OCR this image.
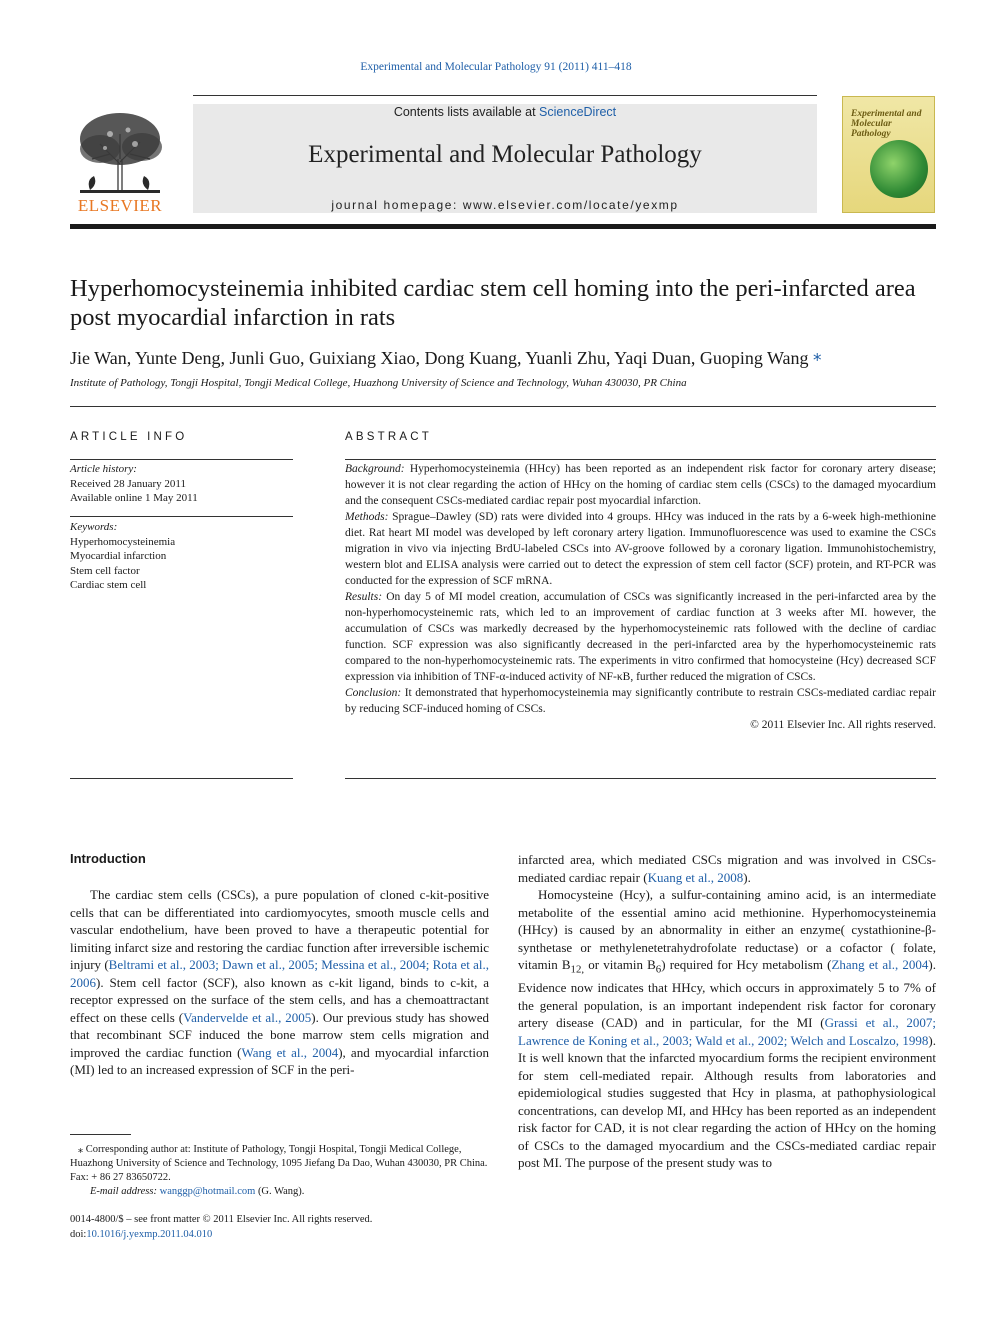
Experimental and Molecular Pathology 91 (2011) 411–418
ELSEVIER
Contents lists available at ScienceDirect
Experimental and Molecular Pathology
journal homepage: www.elsevier.com/locate/yexmp
Experimental and Molecular Pathology
Hyperhomocysteinemia inhibited cardiac stem cell homing into the peri-infarcted area post myocardial infarction in rats
Jie Wan, Yunte Deng, Junli Guo, Guixiang Xiao, Dong Kuang, Yuanli Zhu, Yaqi Duan, Guoping Wang ⁎
Institute of Pathology, Tongji Hospital, Tongji Medical College, Huazhong University of Science and Technology, Wuhan 430030, PR China
ARTICLE INFO
Article history:
Received 28 January 2011
Available online 1 May 2011
Keywords:
Hyperhomocysteinemia
Myocardial infarction
Stem cell factor
Cardiac stem cell
ABSTRACT

Background: Hyperhomocysteinemia (HHcy) has been reported as an independent risk factor for coronary artery disease; however it is not clear regarding the action of HHcy on the homing of cardiac stem cells (CSCs) to the damaged myocardium and the consequent CSCs-mediated cardiac repair post myocardial infarction.

Methods: Sprague–Dawley (SD) rats were divided into 4 groups. HHcy was induced in the rats by a 6-week high-methionine diet. Rat heart MI model was developed by left coronary artery ligation. Immunofluorescence was used to examine the CSCs migration in vivo via injecting BrdU-labeled CSCs into AV-groove followed by a coronary ligation. Immunohistochemistry, western blot and ELISA analysis were carried out to detect the expression of stem cell factor (SCF) protein, and RT-PCR was conducted for the expression of SCF mRNA.

Results: On day 5 of MI model creation, accumulation of CSCs was significantly increased in the peri-infarcted area by the non-hyperhomocysteinemic rats, which led to an improvement of cardiac function at 3 weeks after MI. however, the accumulation of CSCs was markedly decreased by the hyperhomocysteinemic rats followed with the decline of cardiac function. SCF expression was also significantly decreased in the peri-infarcted area by the hyperhomocysteinemic rats compared to the non-hyperhomocysteinemic rats. The experiments in vitro confirmed that homocysteine (Hcy) decreased SCF expression via inhibition of TNF-α-induced activity of NF-κB, further reduced the migration of CSCs.

Conclusion: It demonstrated that hyperhomocysteinemia may significantly contribute to restrain CSCs-mediated cardiac repair by reducing SCF-induced homing of CSCs.

© 2011 Elsevier Inc. All rights reserved.

Introduction

The cardiac stem cells (CSCs), a pure population of cloned c-kit-positive cells that can be differentiated into cardiomyocytes, smooth muscle cells and vascular endothelium, have been proved to have a therapeutic potential for limiting infarct size and restoring the cardiac function after irreversible ischemic injury (Beltrami et al., 2003; Dawn et al., 2005; Messina et al., 2004; Rota et al., 2006). Stem cell factor (SCF), also known as c-kit ligand, binds to c-kit, a receptor expressed on the surface of the stem cells, and has a chemoattractant effect on these cells (Vandervelde et al., 2005). Our previous study has showed that recombinant SCF induced the bone marrow stem cells migration and improved the cardiac function (Wang et al., 2004), and myocardial infarction (MI) led to an increased expression of SCF in the peri-

infarcted area, which mediated CSCs migration and was involved in CSCs-mediated cardiac repair (Kuang et al., 2008).

Homocysteine (Hcy), a sulfur-containing amino acid, is an intermediate metabolite of the essential amino acid methionine. Hyperhomocysteinemia (HHcy) is caused by an abnormality in either an enzyme( cystathionine-β-synthetase or methylenetetrahydrofolate reductase) or a cofactor ( folate, vitamin $B_{12,}$ or vitamin $B_6$) required for Hcy metabolism (Zhang et al., 2004). Evidence now indicates that HHcy, which occurs in approximately 5 to 7% of the general population, is an important independent risk factor for coronary artery disease (CAD) and in particular, for the MI (Grassi et al., 2007; Lawrence de Koning et al., 2003; Wald et al., 2002; Welch and Loscalzo, 1998). It is well known that the infarcted myocardium forms the recipient environment for stem cell-mediated repair. Although results from laboratories and epidemiological studies suggested that Hcy in plasma, at pathophysiological concentrations, can develop MI, and HHcy has been reported as an independent risk factor for CAD, it is not clear regarding the action of HHcy on the homing of CSCs to the damaged myocardium and the CSCs-mediated cardiac repair post MI. The purpose of the present study was to

⁎ Corresponding author at: Institute of Pathology, Tongji Hospital, Tongji Medical College, Huazhong University of Science and Technology, 1095 Jiefang Da Dao, Wuhan 430030, PR China. Fax: + 86 27 83650722.
E-mail address: wanggp@hotmail.com (G. Wang).
0014-4800/$ – see front matter © 2011 Elsevier Inc. All rights reserved.
doi:10.1016/j.yexmp.2011.04.010
